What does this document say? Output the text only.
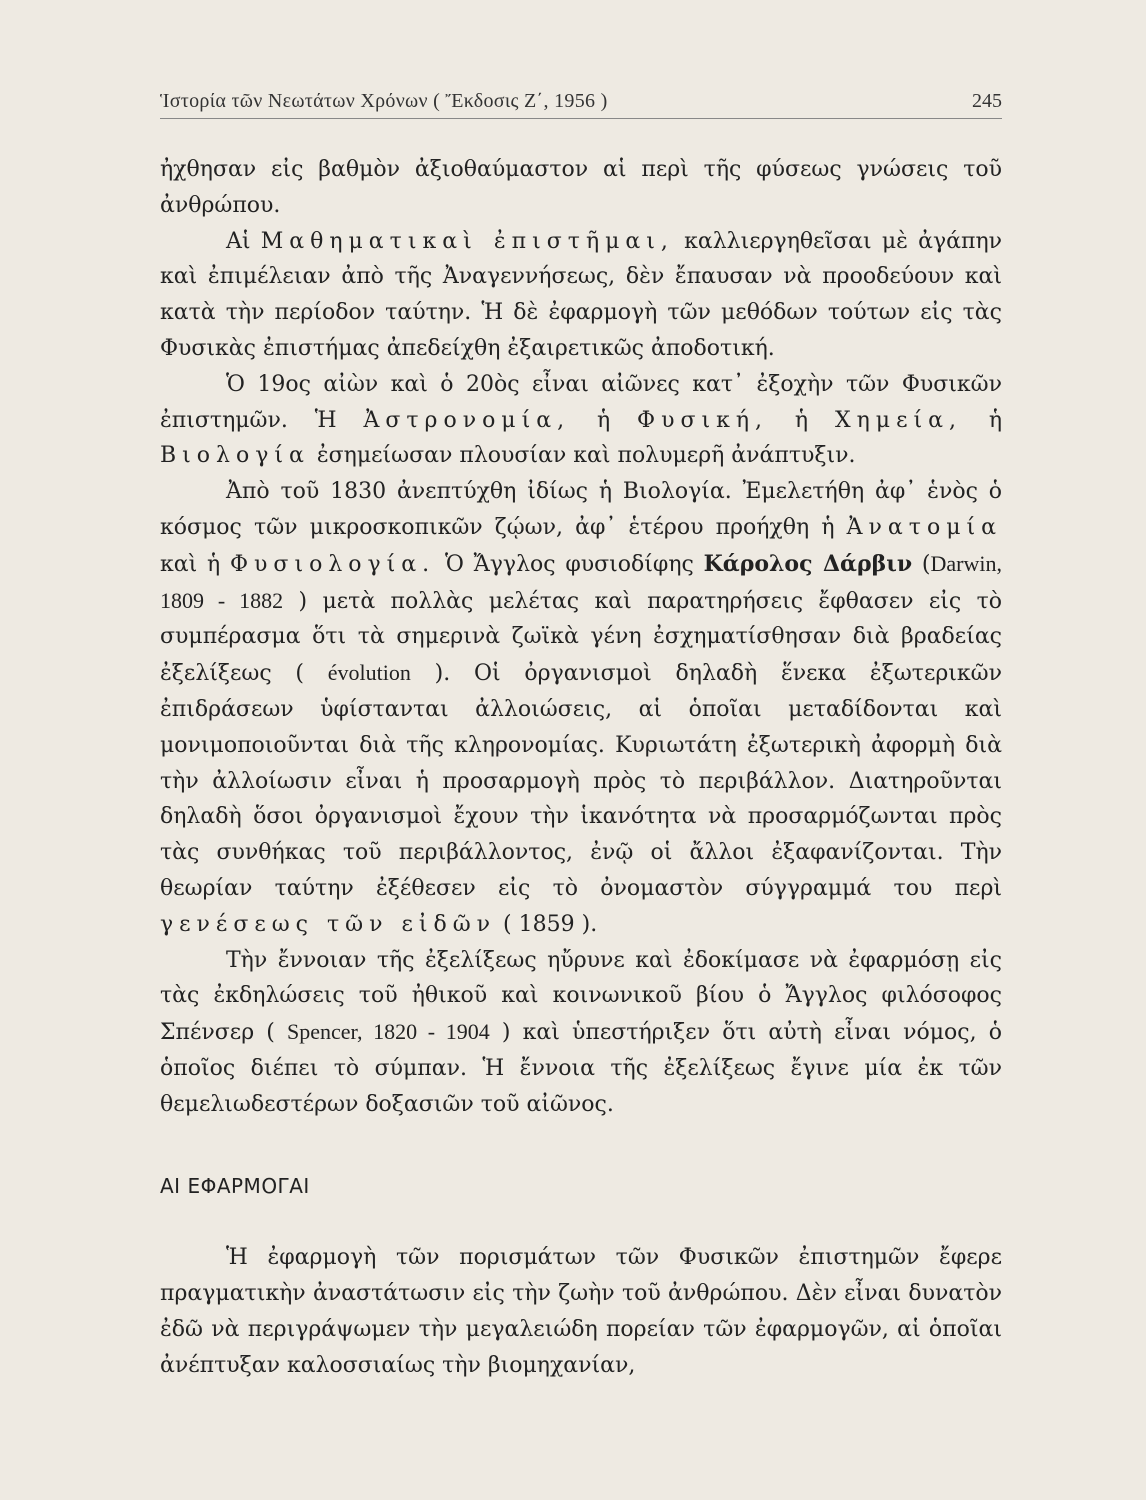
Ἱστορία τῶν Νεωτάτων Χρόνων ( Ἔκδοσις Ζ΄, 1956 )	245

ἠχθησαν εἰς βαθμὸν ἀξιοθαύμαστον αἱ περὶ τῆς φύσεως γνώσεις τοῦ ἀνθρώπου.

Αἱ Μαθηματικαὶ ἐπιστῆμαι, καλλιεργηθεῖσαι μὲ ἀγάπην καὶ ἐπιμέλειαν ἀπὸ τῆς Ἀναγεννήσεως, δὲν ἔπαυσαν νὰ προοδεύουν καὶ κατὰ τὴν περίοδον ταύτην. Ἡ δὲ ἐφαρμογὴ τῶν μεθόδων τούτων εἰς τὰς Φυσικὰς ἐπιστήμας ἀπεδείχθη ἐξαιρετικῶς ἀποδοτική.

Ὁ 19ος αἰὼν καὶ ὁ 20ὸς εἶναι αἰῶνες κατ᾽ ἐξοχὴν τῶν Φυσικῶν ἐπιστημῶν. Ἡ Ἀστρονομία, ἡ Φυσική, ἡ Χημεία, ἡ Βιολογία ἐσημείωσαν πλουσίαν καὶ πολυμερῆ ἀνάπτυξιν.

Ἀπὸ τοῦ 1830 ἀνεπτύχθη ἰδίως ἡ Βιολογία. Ἐμελετήθη ἀφ᾽ ἑνὸς ὁ κόσμος τῶν μικροσκοπικῶν ζῴων, ἀφ᾽ ἑτέρου προήχθη ἡ Ἀνατομία καὶ ἡ Φυσιολογία. Ὁ Ἄγγλος φυσιοδίφης Κάρολος Δάρβιν (Darwin, 1809 - 1882 ) μετὰ πολλὰς μελέτας καὶ παρατηρήσεις ἔφθασεν εἰς τὸ συμπέρασμα ὅτι τὰ σημερινὰ ζωϊκὰ γένη ἐσχηματίσθησαν διὰ βραδείας ἐξελίξεως ( évolution ). Οἱ ὀργανισμοὶ δηλαδὴ ἕνεκα ἐξωτερικῶν ἐπιδράσεων ὑφίστανται ἀλλοιώσεις, αἱ ὁποῖαι μεταδίδονται καὶ μονιμοποιοῦνται διὰ τῆς κληρονομίας. Κυριωτάτη ἐξωτερικὴ ἀφορμὴ διὰ τὴν ἀλλοίωσιν εἶναι ἡ προσαρμογὴ πρὸς τὸ περιβάλλον. Διατηροῦνται δηλαδὴ ὅσοι ὀργανισμοὶ ἔχουν τὴν ἱκανότητα νὰ προσαρμόζωνται πρὸς τὰς συνθήκας τοῦ περιβάλλοντος, ἐνῷ οἱ ἄλλοι ἐξαφανίζονται. Τὴν θεωρίαν ταύτην ἐξέθεσεν εἰς τὸ ὀνομαστὸν σύγγραμμά του περὶ γενέσεως τῶν εἰδῶν ( 1859 ).

Τὴν ἔννοιαν τῆς ἐξελίξεως ηὔρυνε καὶ ἐδοκίμασε νὰ ἐφαρμόσῃ εἰς τὰς ἐκδηλώσεις τοῦ ἠθικοῦ καὶ κοινωνικοῦ βίου ὁ Ἄγγλος φιλόσοφος Σπένσερ ( Spencer, 1820 - 1904 ) καὶ ὑπεστήριξεν ὅτι αὐτὴ εἶναι νόμος, ὁ ὁποῖος διέπει τὸ σύμπαν. Ἡ ἔννοια τῆς ἐξελίξεως ἔγινε μία ἐκ τῶν θεμελιωδεστέρων δοξασιῶν τοῦ αἰῶνος.

ΑΙ ΕΦΑΡΜΟΓΑΙ

Ἡ ἐφαρμογὴ τῶν πορισμάτων τῶν Φυσικῶν ἐπιστημῶν ἔφερε πραγματικὴν ἀναστάτωσιν εἰς τὴν ζωὴν τοῦ ἀνθρώπου. Δὲν εἶναι δυνατὸν ἐδῶ νὰ περιγράψωμεν τὴν μεγαλειώδη πορείαν τῶν ἐφαρμογῶν, αἱ ὁποῖαι ἀνέπτυξαν καλοσσιαίως τὴν βιομηχανίαν,
